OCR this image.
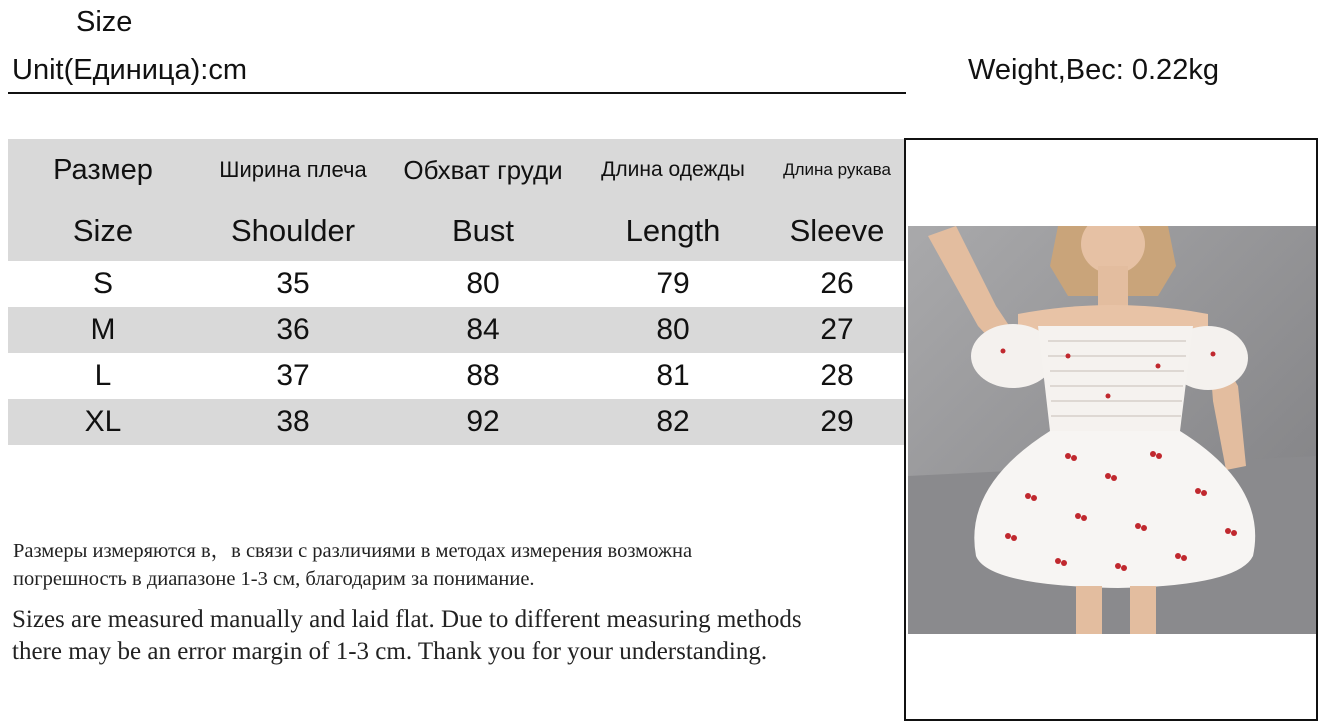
Size
Unit(Единица):cm	Weight,Вес: 0.22kg
Размер	Ширина плеча	Обхват груди	Длина одежды	Длина рукава
Size	Shoulder	Bust	Length	Sleeve
S	35	80	79	26
M	36	84	80	27
L	37	88	81	28
XL	38	92	82	29
Размеры измеряются в，в связи с различиями в методах измерения возможна
погрешность в диапазоне 1-3 см, благодарим за понимание.
Sizes are measured manually and laid flat. Due to different measuring methods
there may be an error margin of 1-3 cm. Thank you for your understanding.
